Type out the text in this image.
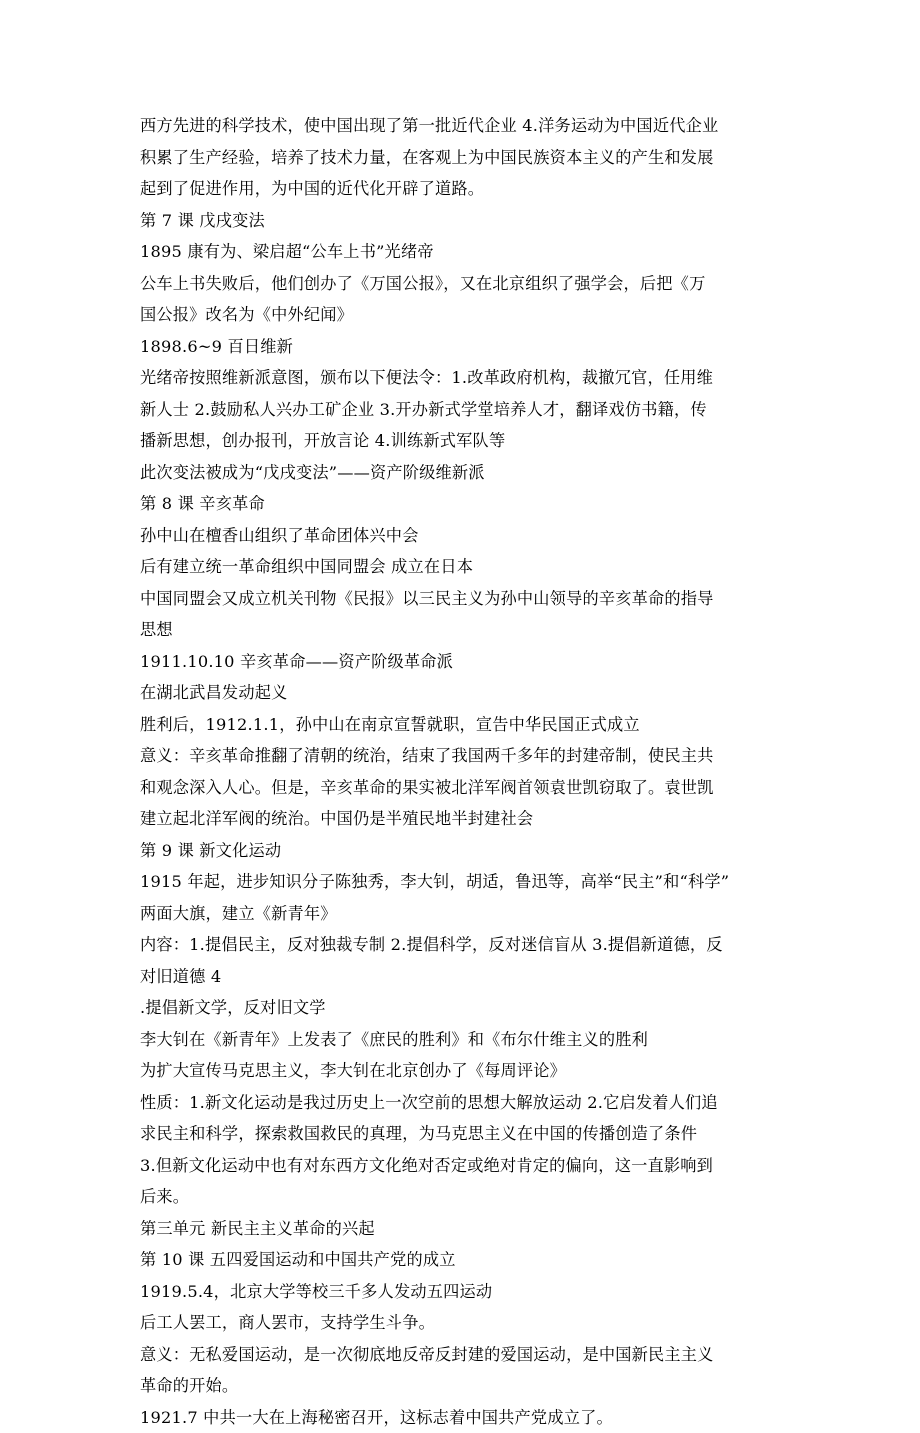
西方先进的科学技术，使中国出现了第一批近代企业 4.洋务运动为中国近代企业
积累了生产经验，培养了技术力量，在客观上为中国民族资本主义的产生和发展
起到了促进作用，为中国的近代化开辟了道路。
第 7 课 戊戌变法
1895 康有为、梁启超“公车上书”光绪帝
公车上书失败后，他们创办了《万国公报》，又在北京组织了强学会，后把《万
国公报》改名为《中外纪闻》
1898.6~9 百日维新
光绪帝按照维新派意图，颁布以下便法令：1.改革政府机构，裁撤冗官，任用维
新人士 2.鼓励私人兴办工矿企业 3.开办新式学堂培养人才，翻译戏仿书籍，传
播新思想，创办报刊，开放言论 4.训练新式军队等
此次变法被成为“戊戌变法”——资产阶级维新派
第 8 课 辛亥革命
孙中山在檀香山组织了革命团体兴中会
后有建立统一革命组织中国同盟会 成立在日本
中国同盟会又成立机关刊物《民报》以三民主义为孙中山领导的辛亥革命的指导
思想
1911.10.10 辛亥革命——资产阶级革命派
在湖北武昌发动起义
胜利后，1912.1.1，孙中山在南京宣誓就职，宣告中华民国正式成立
意义：辛亥革命推翻了清朝的统治，结束了我国两千多年的封建帝制，使民主共
和观念深入人心。但是，辛亥革命的果实被北洋军阀首领袁世凯窃取了。袁世凯
建立起北洋军阀的统治。中国仍是半殖民地半封建社会
第 9 课 新文化运动
1915 年起，进步知识分子陈独秀，李大钊，胡适，鲁迅等，高举“民主”和“科学”
两面大旗，建立《新青年》
内容：1.提倡民主，反对独裁专制 2.提倡科学，反对迷信盲从 3.提倡新道德，反
对旧道德 4
.提倡新文学，反对旧文学
李大钊在《新青年》上发表了《庶民的胜利》和《布尔什维主义的胜利
为扩大宣传马克思主义，李大钊在北京创办了《每周评论》
性质：1.新文化运动是我过历史上一次空前的思想大解放运动 2.它启发着人们追
求民主和科学，探索救国救民的真理，为马克思主义在中国的传播创造了条件
3.但新文化运动中也有对东西方文化绝对否定或绝对肯定的偏向，这一直影响到
后来。
第三单元 新民主主义革命的兴起
第 10 课 五四爱国运动和中国共产党的成立
1919.5.4，北京大学等校三千多人发动五四运动
后工人罢工，商人罢市，支持学生斗争。
意义：无私爱国运动，是一次彻底地反帝反封建的爱国运动，是中国新民主主义
革命的开始。
1921.7 中共一大在上海秘密召开，这标志着中国共产党成立了。
